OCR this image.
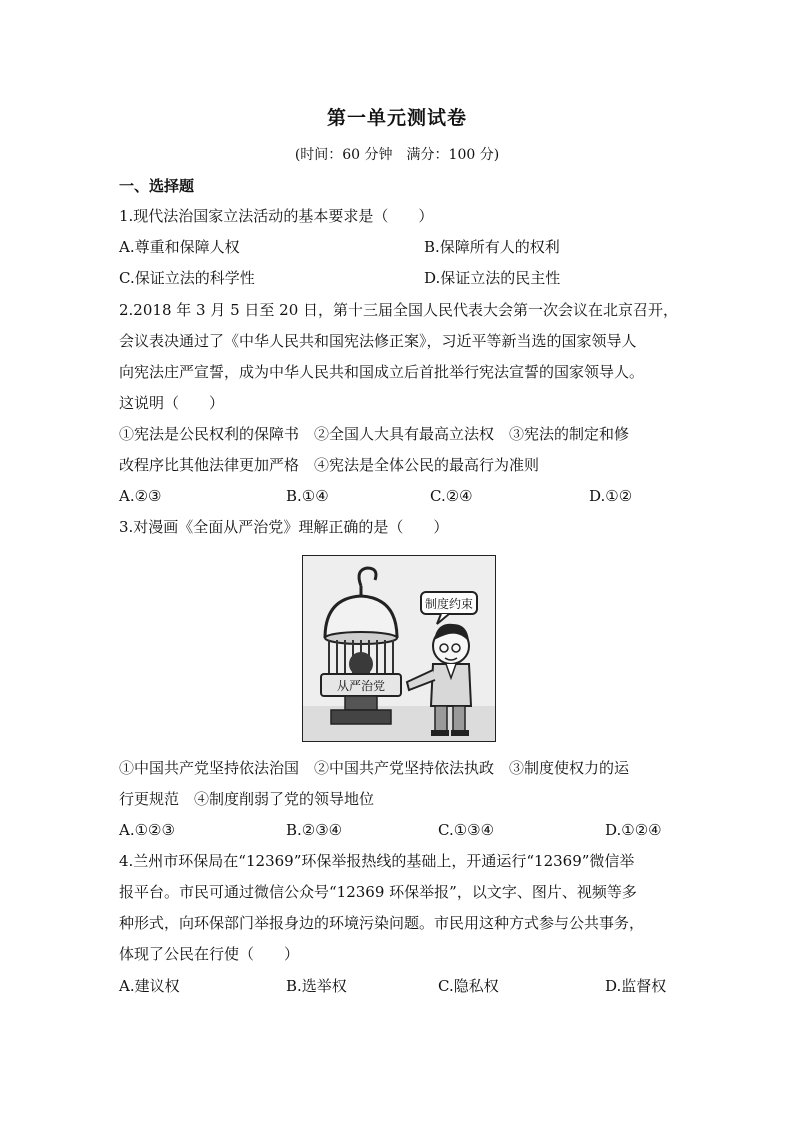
第一单元测试卷
(时间：60 分钟　满分：100 分)
一、选择题
1.现代法治国家立法活动的基本要求是（　　）
A.尊重和保障人权	B.保障所有人的权利
C.保证立法的科学性	D.保证立法的民主性
2.2018 年 3 月 5 日至 20 日，第十三届全国人民代表大会第一次会议在北京召开，
会议表决通过了《中华人民共和国宪法修正案》，习近平等新当选的国家领导人
向宪法庄严宣誓，成为中华人民共和国成立后首批举行宪法宣誓的国家领导人。
这说明（　　）
①宪法是公民权利的保障书　②全国人大具有最高立法权　③宪法的制定和修
改程序比其他法律更加严格　④宪法是全体公民的最高行为准则
A.②③	B.①④	C.②④	D.①②
3.对漫画《全面从严治党》理解正确的是（　　）
从严治党
制度约束
①中国共产党坚持依法治国　②中国共产党坚持依法执政　③制度使权力的运
行更规范　④制度削弱了党的领导地位
A.①②③	B.②③④	C.①③④	D.①②④
4.兰州市环保局在“12369”环保举报热线的基础上，开通运行“12369”微信举
报平台。市民可通过微信公众号“12369 环保举报”，以文字、图片、视频等多
种形式，向环保部门举报身边的环境污染问题。市民用这种方式参与公共事务，
体现了公民在行使（　　）
A.建议权	B.选举权	C.隐私权	D.监督权
